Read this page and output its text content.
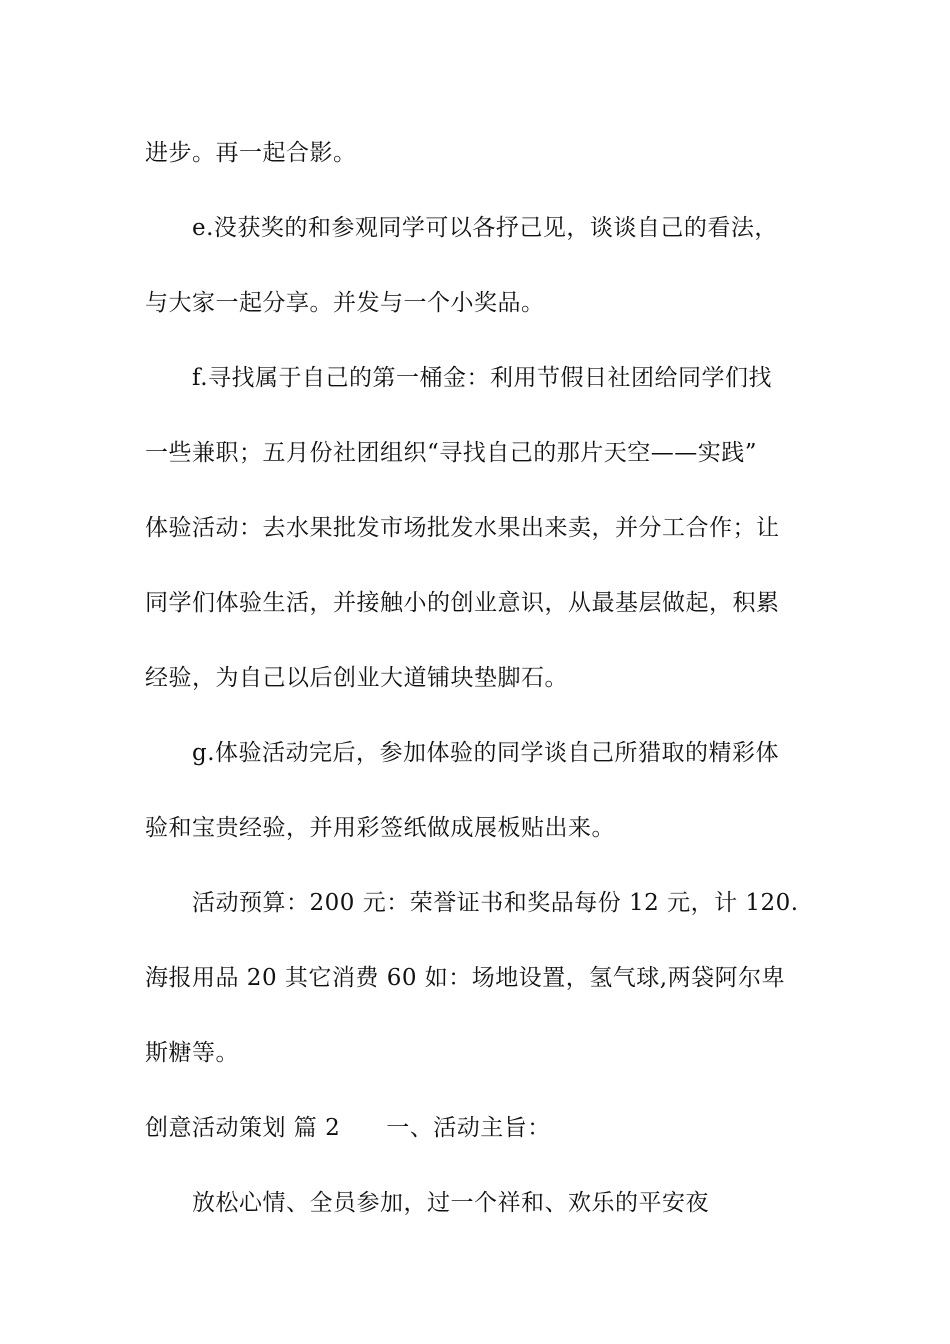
进步。再一起合影。
e.没获奖的和参观同学可以各抒己见，谈谈自己的看法，
与大家一起分享。并发与一个小奖品。
f.寻找属于自己的第一桶金：利用节假日社团给同学们找
一些兼职；五月份社团组织“寻找自己的那片天空——实践”
体验活动：去水果批发市场批发水果出来卖，并分工合作；让
同学们体验生活，并接触小的创业意识，从最基层做起，积累
经验，为自己以后创业大道铺块垫脚石。
g.体验活动完后，参加体验的同学谈自己所猎取的精彩体
验和宝贵经验，并用彩签纸做成展板贴出来。
活动预算：200 元：荣誉证书和奖品每份 12 元，计 120.
海报用品 20 其它消费 60 如：场地设置，氢气球,两袋阿尔卑
斯糖等。
创意活动策划 篇 2 一、活动主旨：
放松心情、全员参加，过一个祥和、欢乐的平安夜
